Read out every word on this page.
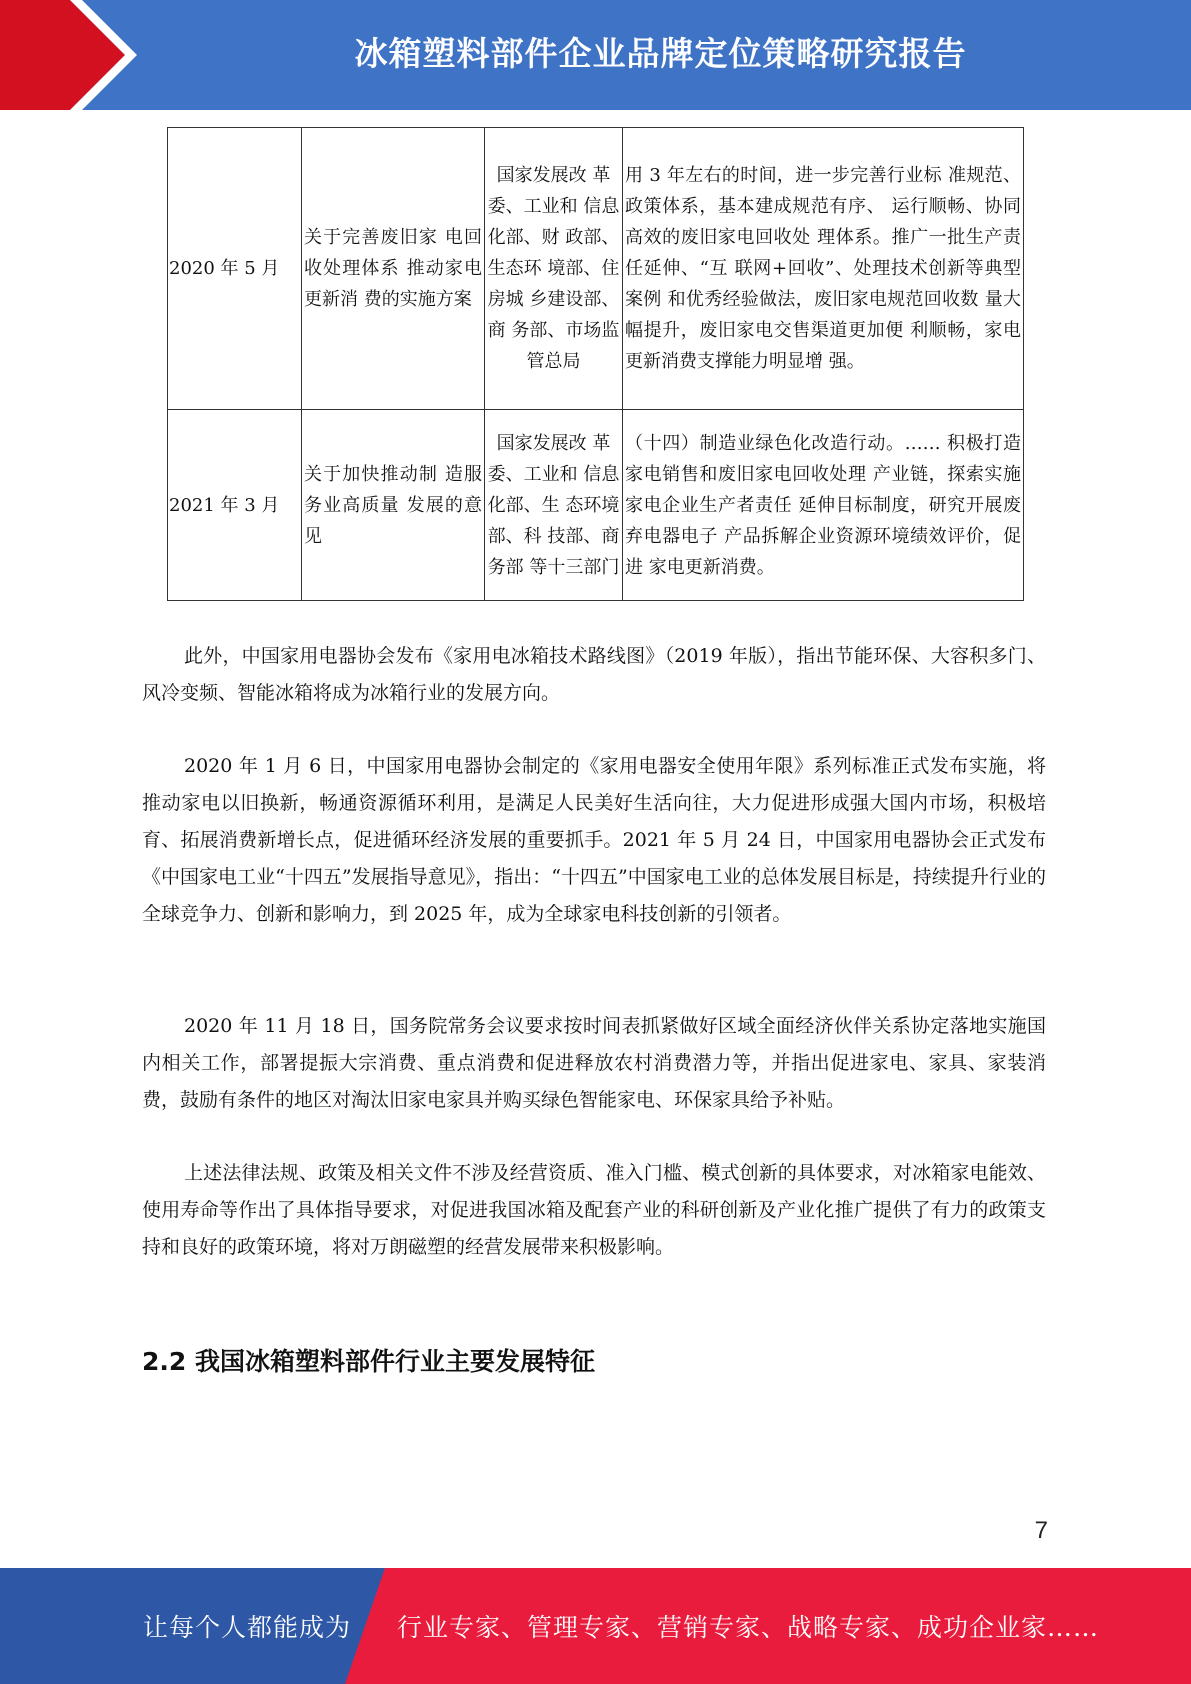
冰箱塑料部件企业品牌定位策略研究报告
2020 年 5 月	关于完善废旧家 电回收处理体系 推动家电更新消 费的实施方案	国家发展改 革委、工业和 信息化部、财 政部、生态环 境部、住房城 乡建设部、商 务部、市场监 管总局	用 3 年左右的时间，进一步完善行业标 准规范、政策体系，基本建成规范有序、 运行顺畅、协同高效的废旧家电回收处 理体系。推广一批生产责任延伸、“互 联网+回收”、处理技术创新等典型案例 和优秀经验做法，废旧家电规范回收数 量大幅提升，废旧家电交售渠道更加便 利顺畅，家电更新消费支撑能力明显增 强。
2021 年 3 月	关于加快推动制 造服务业高质量 发展的意见	国家发展改 革委、工业和 信息化部、生 态环境部、科 技部、商务部 等十三部门	（十四）制造业绿色化改造行动。…… 积极打造家电销售和废旧家电回收处理 产业链，探索实施家电企业生产者责任 延伸目标制度，研究开展废弃电器电子 产品拆解企业资源环境绩效评价，促进 家电更新消费。

此外，中国家用电器协会发布《家用电冰箱技术路线图》（2019 年版），指出节能环保、大容积多门、风冷变频、智能冰箱将成为冰箱行业的发展方向。

2020 年 1 月 6 日，中国家用电器协会制定的《家用电器安全使用年限》系列标准正式发布实施，将推动家电以旧换新，畅通资源循环利用，是满足人民美好生活向往，大力促进形成强大国内市场，积极培育、拓展消费新增长点，促进循环经济发展的重要抓手。2021 年 5 月 24 日，中国家用电器协会正式发布《中国家电工业“十四五”发展指导意见》，指出：“十四五”中国家电工业的总体发展目标是，持续提升行业的全球竞争力、创新和影响力，到 2025 年，成为全球家电科技创新的引领者。

2020 年 11 月 18 日，国务院常务会议要求按时间表抓紧做好区域全面经济伙伴关系协定落地实施国内相关工作，部署提振大宗消费、重点消费和促进释放农村消费潜力等，并指出促进家电、家具、家装消费，鼓励有条件的地区对淘汰旧家电家具并购买绿色智能家电、环保家具给予补贴。

上述法律法规、政策及相关文件不涉及经营资质、准入门槛、模式创新的具体要求，对冰箱家电能效、使用寿命等作出了具体指导要求，对促进我国冰箱及配套产业的科研创新及产业化推广提供了有力的政策支持和良好的政策环境，将对万朗磁塑的经营发展带来积极影响。

2.2 我国冰箱塑料部件行业主要发展特征
7
让每个人都能成为 行业专家、管理专家、营销专家、战略专家、成功企业家……
